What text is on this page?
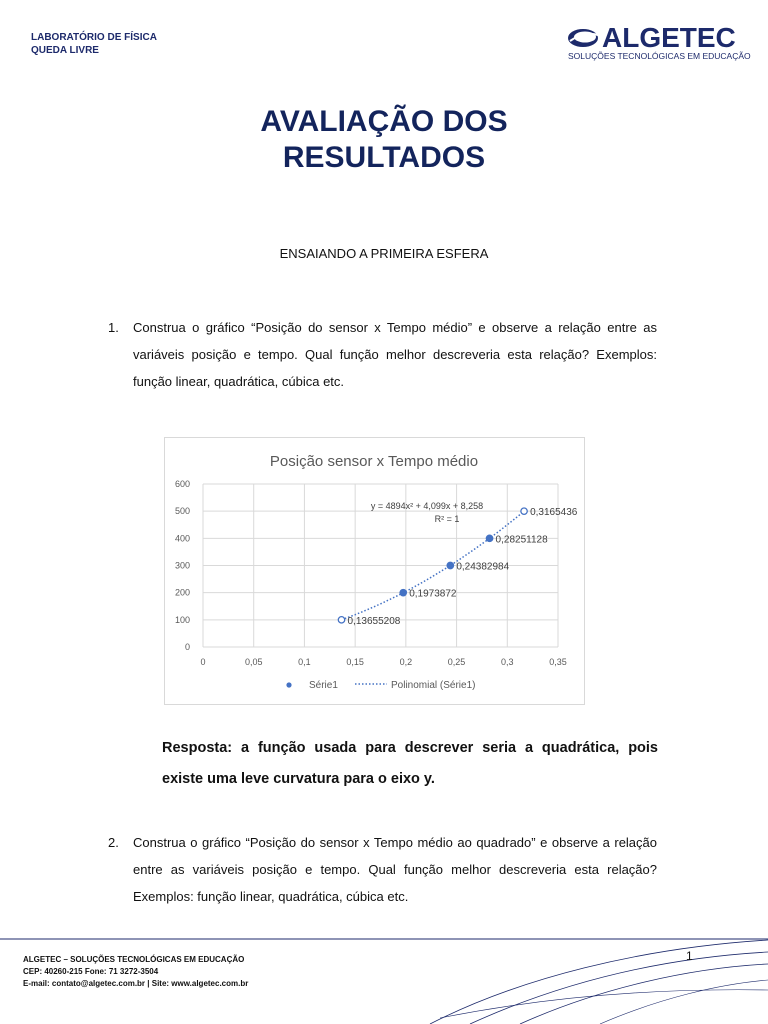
LABORATÓRIO DE FÍSICA
QUEDA LIVRE	ALGETEC
SOLUÇÕES TECNOLÓGICAS EM EDUCAÇÃO
AVALIAÇÃO DOS
RESULTADOS
ENSAIANDO A PRIMEIRA ESFERA
1. Construa o gráfico “Posição do sensor x Tempo médio” e observe a relação entre as variáveis posição e tempo. Qual função melhor descreveria esta relação? Exemplos: função linear, quadrática, cúbica etc.
Posição sensor x Tempo médio
0
100
200
300
400
500
600
0	0,05	0,1	0,15	0,2	0,25	0,3	0,35
0,13655208
0,1973872
0,24382984
0,28251128
0,3165436
y = 4894x² + 4,099x + 8,258
R² = 1
Série1	Polinomial (Série1)
Resposta: a função usada para descrever seria a quadrática, pois existe uma leve curvatura para o eixo y.
2. Construa o gráfico “Posição do sensor x Tempo médio ao quadrado” e observe a relação entre as variáveis posição e tempo. Qual função melhor descreveria esta relação? Exemplos: função linear, quadrática, cúbica etc.
ALGETEC – SOLUÇÕES TECNOLÓGICAS EM EDUCAÇÃO
CEP: 40260-215 Fone: 71 3272-3504
E-mail: contato@algetec.com.br | Site: www.algetec.com.br
1
